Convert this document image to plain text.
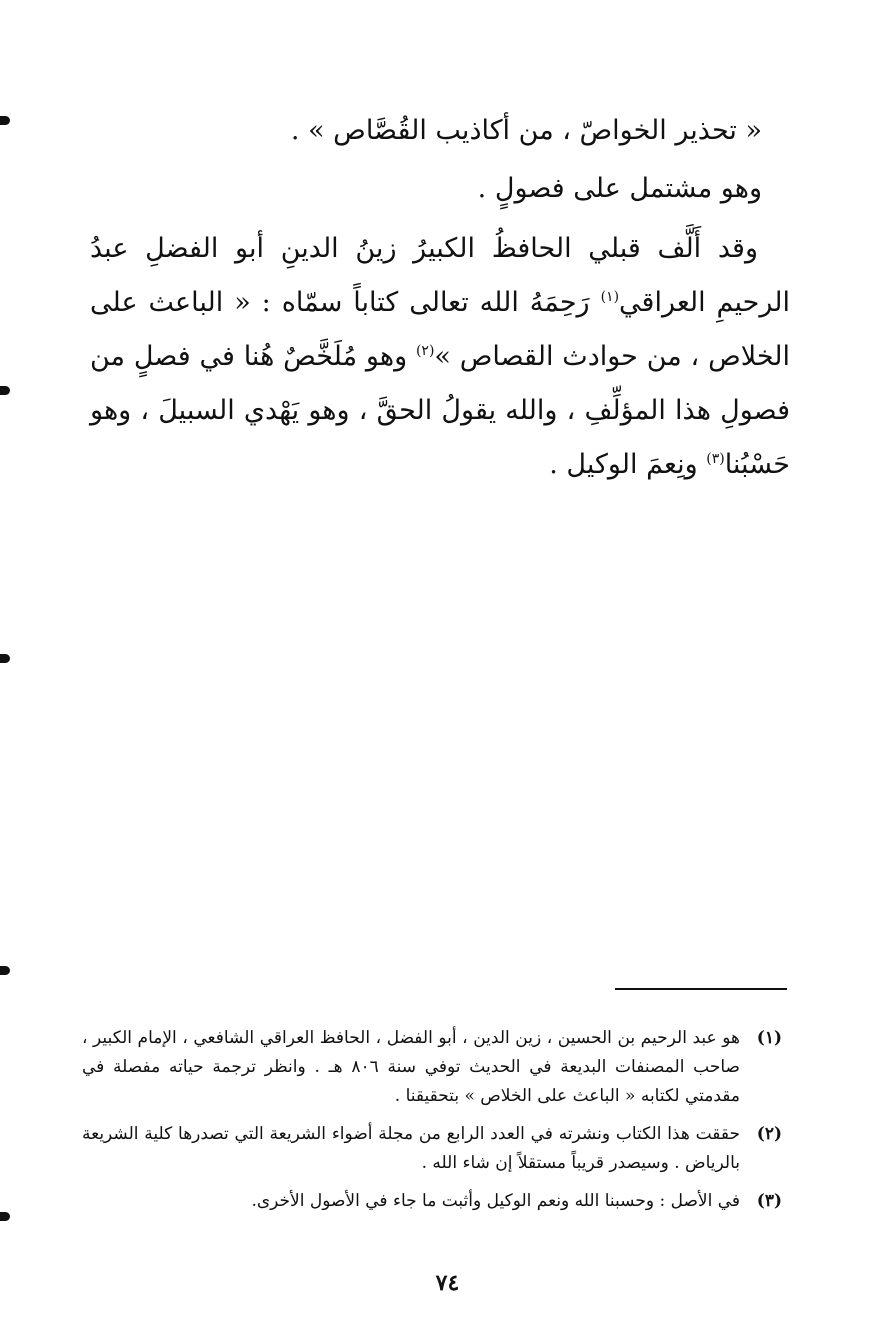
« تحذير الخواصّ ، من أكاذيب القُصَّاص » .

وهو مشتمل على فصولٍ .

وقد أَلَّف قبلي الحافظُ الكبيرُ زينُ الدينِ أبو الفضلِ عبدُ الرحيمِ العراقي$^{(١)}$ رَحِمَهُ الله تعالى كتاباً سمّاه : « الباعث على الخلاص ، من حوادث القصاص »$^{(٢)}$ وهو مُلَخَّصٌ هُنا في فصلٍ من فصولِ هذا المؤلِّفِ ، والله يقولُ الحقَّ ، وهو يَهْدي السبيلَ ، وهو حَسْبُنا$^{(٣)}$ ونِعمَ الوكيل .

(١)
هو عبد الرحيم بن الحسين ، زين الدين ، أبو الفضل ، الحافظ العراقي الشافعي ، الإمام الكبير ، صاحب المصنفات البديعة في الحديث توفي سنة ٨٠٦ هـ . وانظر ترجمة حياته مفصلة في مقدمتي لكتابه « الباعث على الخلاص » بتحقيقنا .
(٢)
حققت هذا الكتاب ونشرته في العدد الرابع من مجلة أضواء الشريعة التي تصدرها كلية الشريعة بالرياض . وسيصدر قريباً مستقلاً إن شاء الله .
(٣)
في الأصل : وحسبنا الله ونعم الوكيل وأثبت ما جاء في الأصول الأخرى.
٧٤
